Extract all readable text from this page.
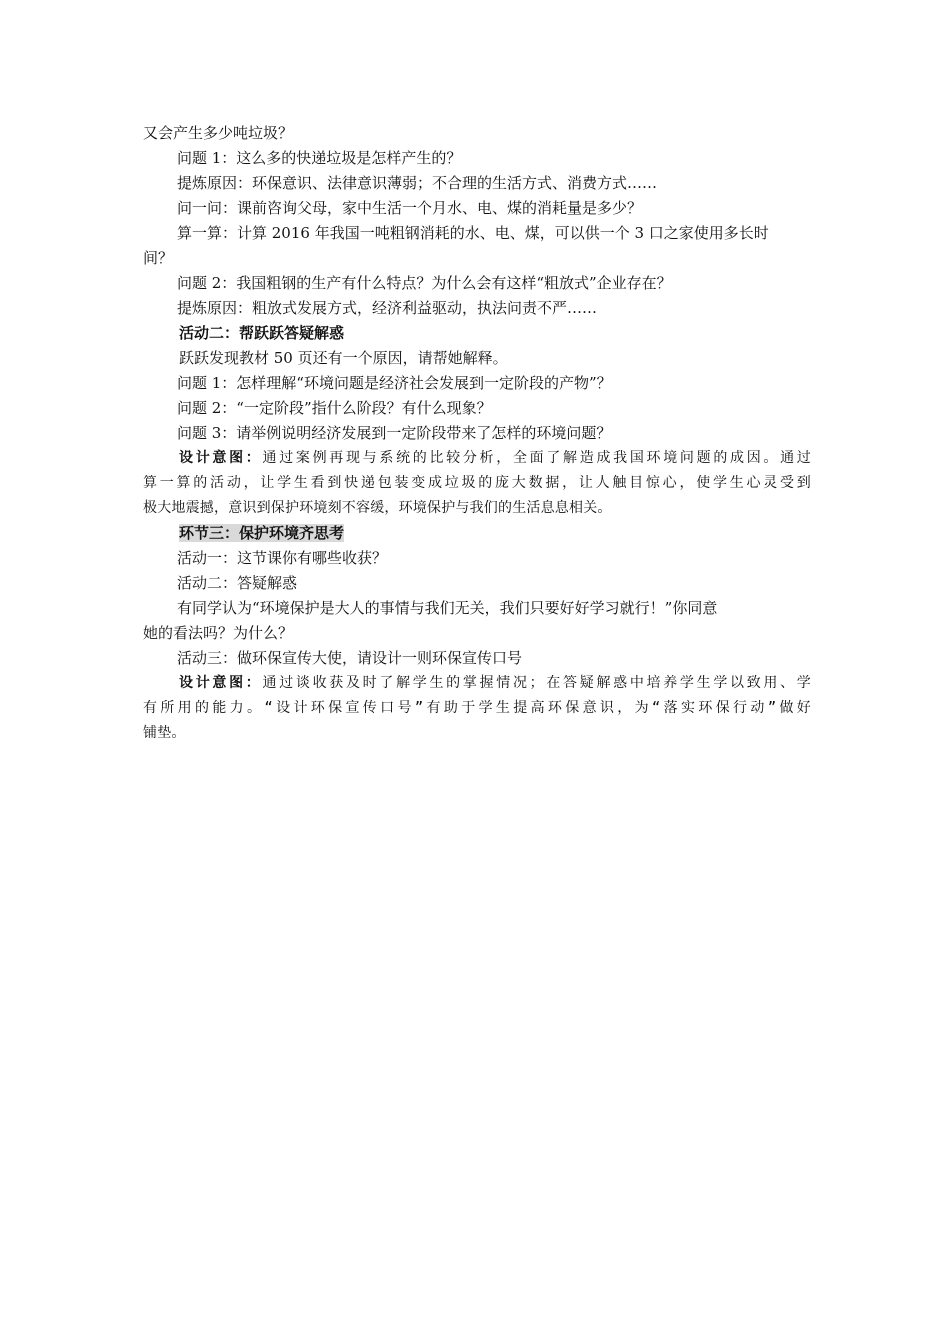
又会产生多少吨垃圾？
问题 1：这么多的快递垃圾是怎样产生的？
提炼原因：环保意识、法律意识薄弱；不合理的生活方式、消费方式……
问一问：课前咨询父母，家中生活一个月水、电、煤的消耗量是多少？
算一算：计算 2016 年我国一吨粗钢消耗的水、电、煤，可以供一个 3 口之家使用多长时
间？
问题 2：我国粗钢的生产有什么特点？为什么会有这样“粗放式”企业存在？
提炼原因：粗放式发展方式，经济利益驱动，执法问责不严……
活动二：帮跃跃答疑解惑
跃跃发现教材 50 页还有一个原因，请帮她解释。
问题 1：怎样理解“环境问题是经济社会发展到一定阶段的产物”？
问题 2：“一定阶段”指什么阶段？有什么现象？
问题 3：请举例说明经济发展到一定阶段带来了怎样的环境问题？
设计意图：通过案例再现与系统的比较分析，全面了解造成我国环境问题的成因。通过
算一算的活动，让学生看到快递包装变成垃圾的庞大数据，让人触目惊心，使学生心灵受到
极大地震撼，意识到保护环境刻不容缓，环境保护与我们的生活息息相关。
环节三：保护环境齐思考
活动一：这节课你有哪些收获？
活动二：答疑解惑
有同学认为“环境保护是大人的事情与我们无关，我们只要好好学习就行！”你同意
她的看法吗？为什么？
活动三：做环保宣传大使，请设计一则环保宣传口号
设计意图：通过谈收获及时了解学生的掌握情况；在答疑解惑中培养学生学以致用、学
有所用的能力。“设计环保宣传口号”有助于学生提高环保意识，为“落实环保行动”做好
铺垫。
